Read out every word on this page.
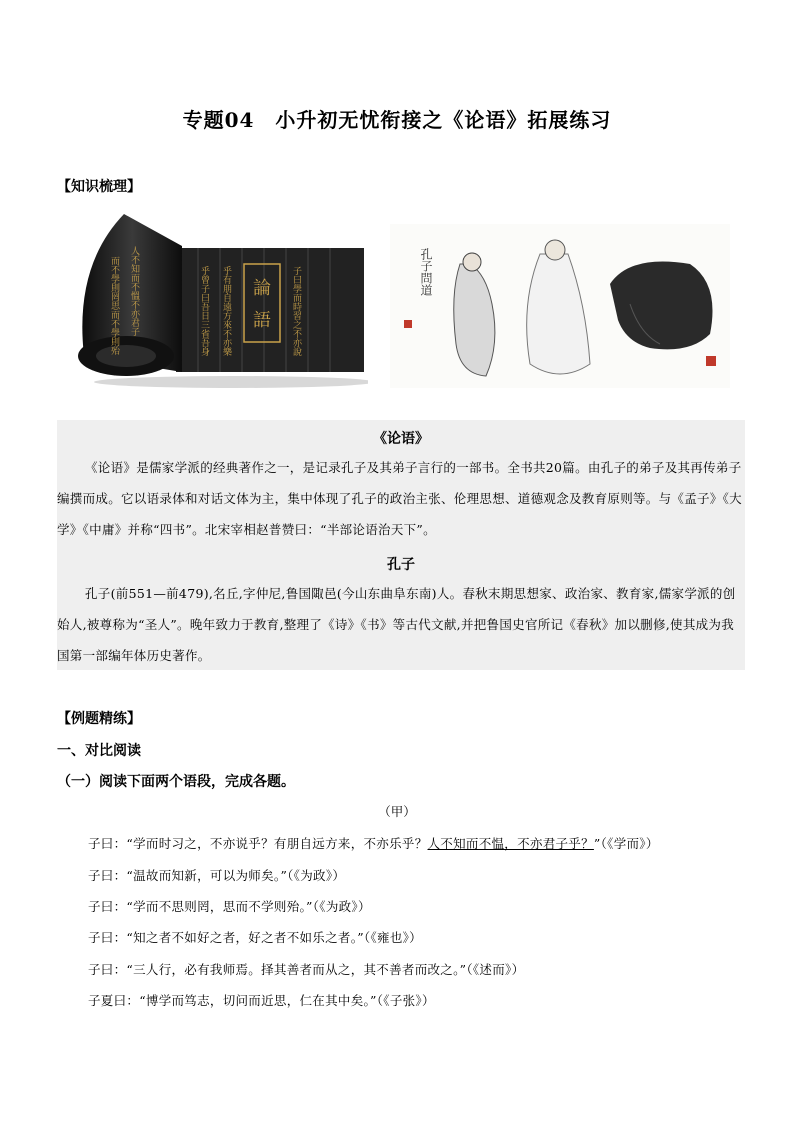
专题04　小升初无忧衔接之《论语》拓展练习
【知识梳理】
論
語 子曰學而時習之不亦說
乎有朋自遠方來不亦樂
乎曾子曰吾日三省吾身
人不知而不慍不亦君子
而不學則罔思而不學則殆	孔子問道
《论语》

《论语》是儒家学派的经典著作之一，是记录孔子及其弟子言行的一部书。全书共20篇。由孔子的弟子及其再传弟子编撰而成。它以语录体和对话文体为主，集中体现了孔子的政治主张、伦理思想、道德观念及教育原则等。与《孟子》《大学》《中庸》并称“四书”。北宋宰相赵普赞曰：“半部论语治天下”。

孔子

孔子(前551—前479),名丘,字仲尼,鲁国陬邑(今山东曲阜东南)人。春秋末期思想家、政治家、教育家,儒家学派的创始人,被尊称为“圣人”。晚年致力于教育,整理了《诗》《书》等古代文献,并把鲁国史官所记《春秋》加以删修,使其成为我国第一部编年体历史著作。

【例题精练】
一、对比阅读
（一）阅读下面两个语段，完成各题。
（甲）
子曰：“学而时习之，不亦说乎？有朋自远方来，不亦乐乎？人不知而不愠，不亦君子乎？”（《学而》）
子曰：“温故而知新，可以为师矣。”（《为政》）
子曰：“学而不思则罔，思而不学则殆。”（《为政》）
子曰：“知之者不如好之者，好之者不如乐之者。”（《雍也》）
子曰：“三人行，必有我师焉。择其善者而从之，其不善者而改之。”（《述而》）
子夏曰：“博学而笃志，切问而近思，仁在其中矣。”（《子张》）
